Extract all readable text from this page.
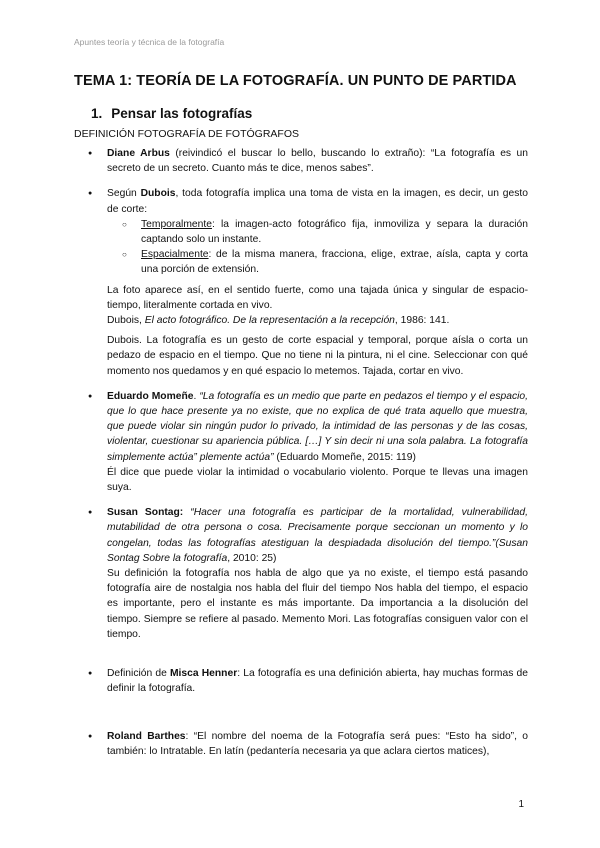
Apuntes teoría y técnica de la fotografía
TEMA 1: TEORÍA DE LA FOTOGRAFÍA. UN PUNTO DE PARTIDA
1. Pensar las fotografías
DEFINICIÓN FOTOGRAFÍA DE FOTÓGRAFOS

● Diane Arbus (reivindicó el buscar lo bello, buscando lo extraño): “La fotografía es un secreto de un secreto. Cuanto más te dice, menos sabes”.

● Según Dubois, toda fotografía implica una toma de vista en la imagen, es decir, un gesto de corte:

○ Temporalmente: la imagen-acto fotográfico fija, inmoviliza y separa la duración captando solo un instante.
○ Espacialmente: de la misma manera, fracciona, elige, extrae, aísla, capta y corta una porción de extensión.

La foto aparece así, en el sentido fuerte, como una tajada única y singular de espacio-tiempo, literalmente cortada en vivo.

Dubois, El acto fotográfico. De la representación a la recepción, 1986: 141.

Dubois. La fotografía es un gesto de corte espacial y temporal, porque aísla o corta un pedazo de espacio en el tiempo. Que no tiene ni la pintura, ni el cine. Seleccionar con qué momento nos quedamos y en qué espacio lo metemos. Tajada, cortar en vivo.

● Eduardo Momeñe. “La fotografía es un medio que parte en pedazos el tiempo y el espacio, que lo que hace presente ya no existe, que no explica de qué trata aquello que muestra, que puede violar sin ningún pudor lo privado, la intimidad de las personas y de las cosas, violentar, cuestionar su apariencia pública. […] Y sin decir ni una sola palabra. La fotografía simplemente actúa” plemente actúa” (Eduardo Momeñe, 2015: 119)

Él dice que puede violar la intimidad o vocabulario violento. Porque te llevas una imagen suya.

● Susan Sontag: “Hacer una fotografía es participar de la mortalidad, vulnerabilidad, mutabilidad de otra persona o cosa. Precisamente porque seccionan un momento y lo congelan, todas las fotografías atestiguan la despiadada disolución del tiempo.”(Susan Sontag Sobre la fotografía, 2010: 25)

Su definición la fotografía nos habla de algo que ya no existe, el tiempo está pasando fotografía aire de nostalgia nos habla del fluir del tiempo Nos habla del tiempo, el espacio es importante, pero el instante es más importante. Da importancia a la disolución del tiempo. Siempre se refiere al pasado. Memento Mori. Las fotografías consiguen valor con el tiempo.

● Definición de Misca Henner: La fotografía es una definición abierta, hay muchas formas de definir la fotografía.

● Roland Barthes: “El nombre del noema de la Fotografía será pues: “Esto ha sido”, o también: lo Intratable. En latín (pedantería necesaria ya que aclara ciertos matices),

1
